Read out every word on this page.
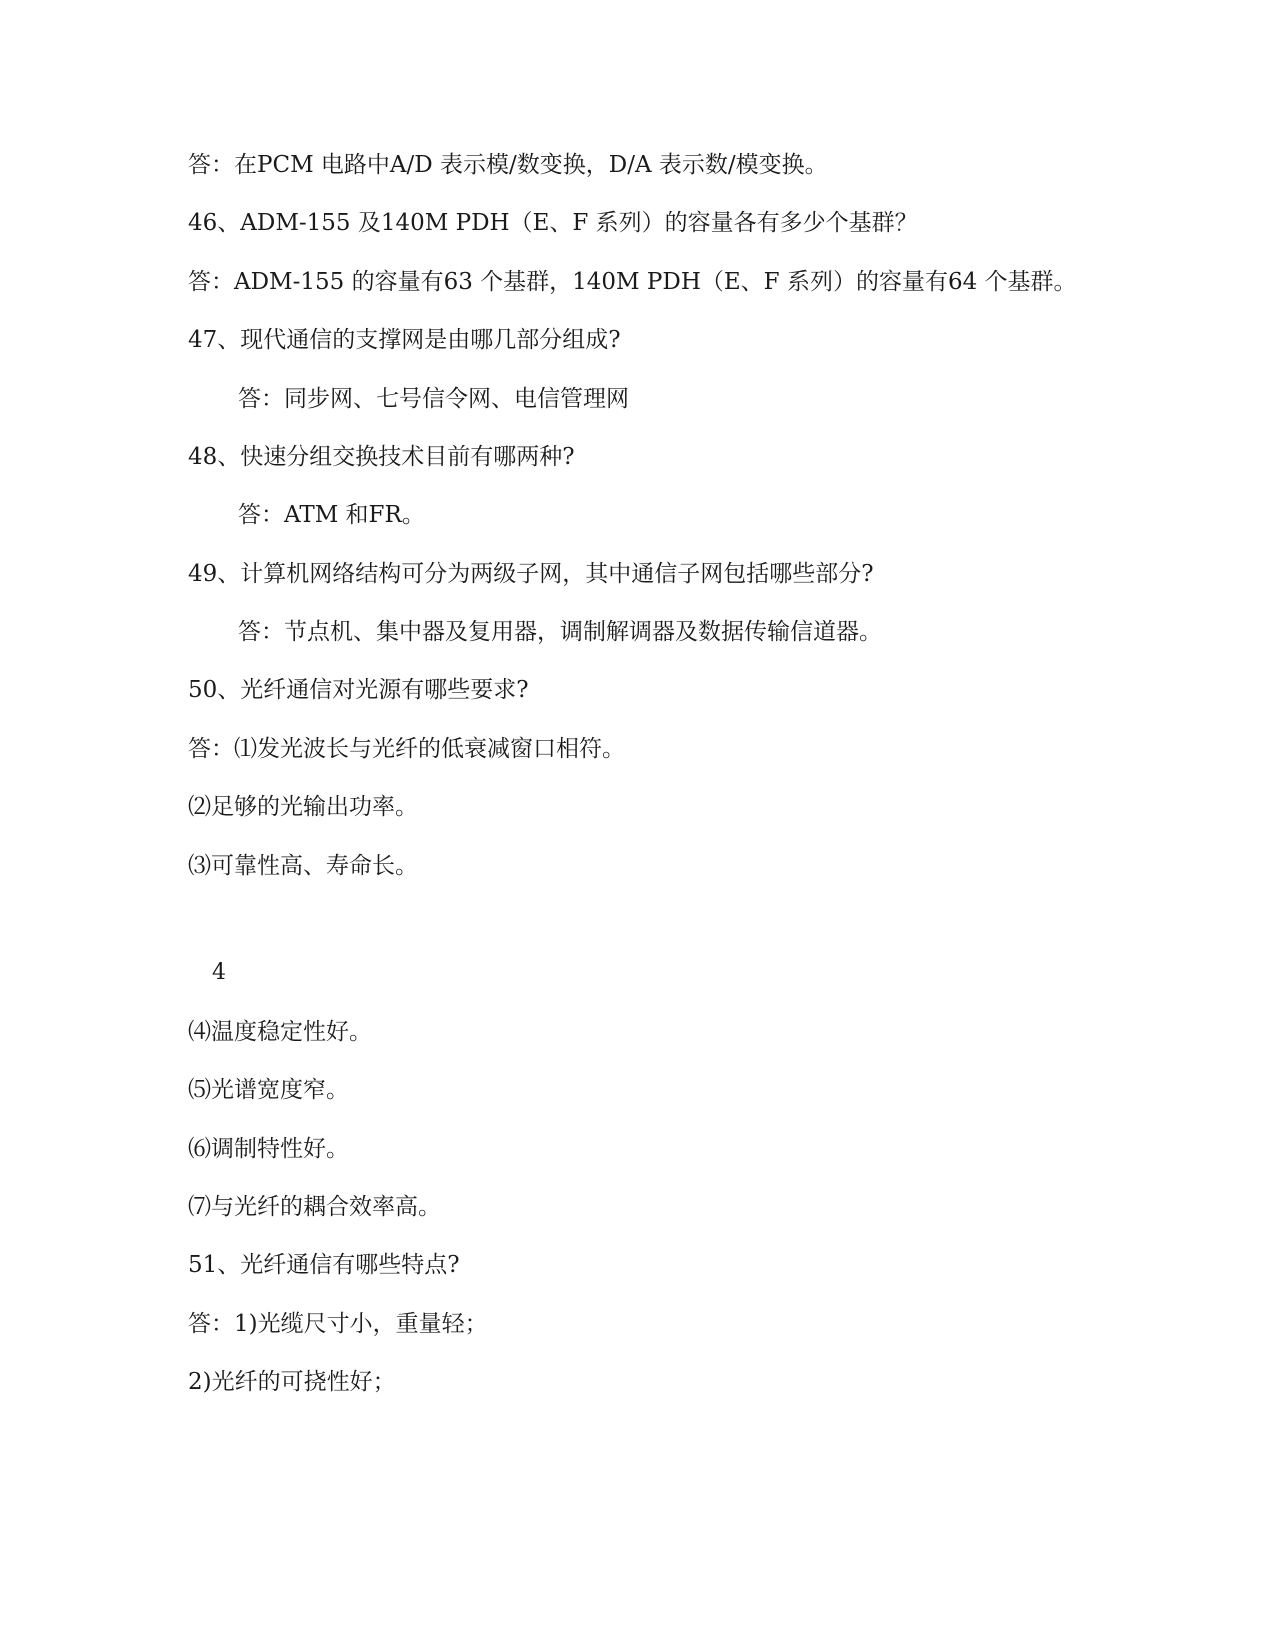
答：在PCM 电路中A/D 表示模/数变换，D/A 表示数/模变换。

46、ADM-155 及140M PDH（E、F 系列）的容量各有多少个基群？

答：ADM-155 的容量有63 个基群，140M PDH（E、F 系列）的容量有64 个基群。

47、现代通信的支撑网是由哪几部分组成?

答：同步网、七号信令网、电信管理网

48、快速分组交换技术目前有哪两种?

答：ATM 和FR。

49、计算机网络结构可分为两级子网，其中通信子网包括哪些部分?

答：节点机、集中器及复用器，调制解调器及数据传输信道器。

50、光纤通信对光源有哪些要求?

答：⑴发光波长与光纤的低衰减窗口相符。

⑵足够的光输出功率。

⑶可靠性高、寿命长。

4

⑷温度稳定性好。

⑸光谱宽度窄。

⑹调制特性好。

⑺与光纤的耦合效率高。

51、光纤通信有哪些特点?

答：1)光缆尺寸小，重量轻；

2)光纤的可挠性好；
